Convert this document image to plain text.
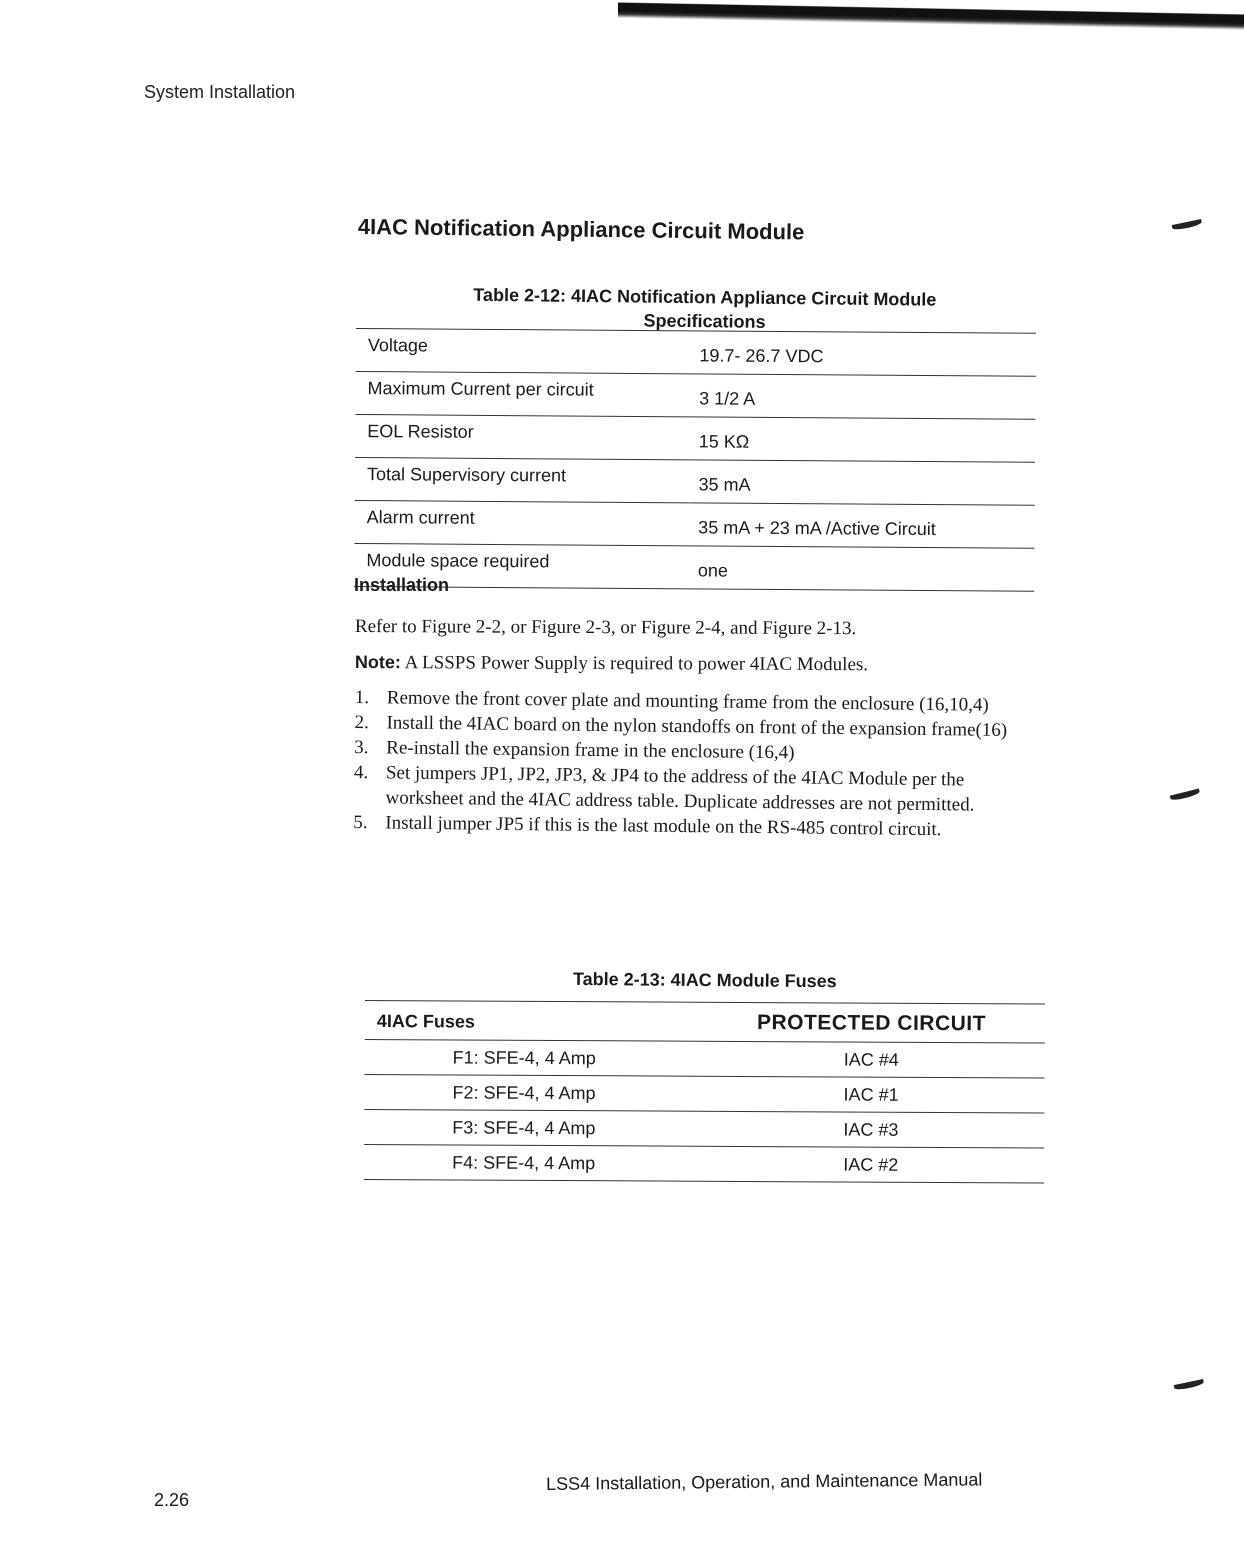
System Installation
4IAC Notification Appliance Circuit Module
Table 2-12: 4IAC Notification Appliance Circuit Module
Specifications
Voltage	19.7- 26.7 VDC
Maximum Current per circuit	3 1/2 A
EOL Resistor	15 KΩ
Total Supervisory current	35 mA
Alarm current	35 mA + 23 mA /Active Circuit
Module space required	one
Installation
Refer to Figure 2-2, or Figure 2-3, or Figure 2-4, and Figure 2-13.
Note: A LSSPS Power Supply is required to power 4IAC Modules.
1. Remove the front cover plate and mounting frame from the enclosure (16,10,4)
2. Install the 4IAC board on the nylon standoffs on front of the expansion frame(16)
3. Re-install the expansion frame in the enclosure (16,4)
4. Set jumpers JP1, JP2, JP3, & JP4 to the address of the 4IAC Module per the worksheet and the 4IAC address table. Duplicate addresses are not permitted.
5. Install jumper JP5 if this is the last module on the RS-485 control circuit.
Table 2-13: 4IAC Module Fuses
4IAC Fuses	PROTECTED CIRCUIT
F1: SFE-4, 4 Amp	IAC #4
F2: SFE-4, 4 Amp	IAC #1
F3: SFE-4, 4 Amp	IAC #3
F4: SFE-4, 4 Amp	IAC #2
2.26
LSS4 Installation, Operation, and Maintenance Manual
